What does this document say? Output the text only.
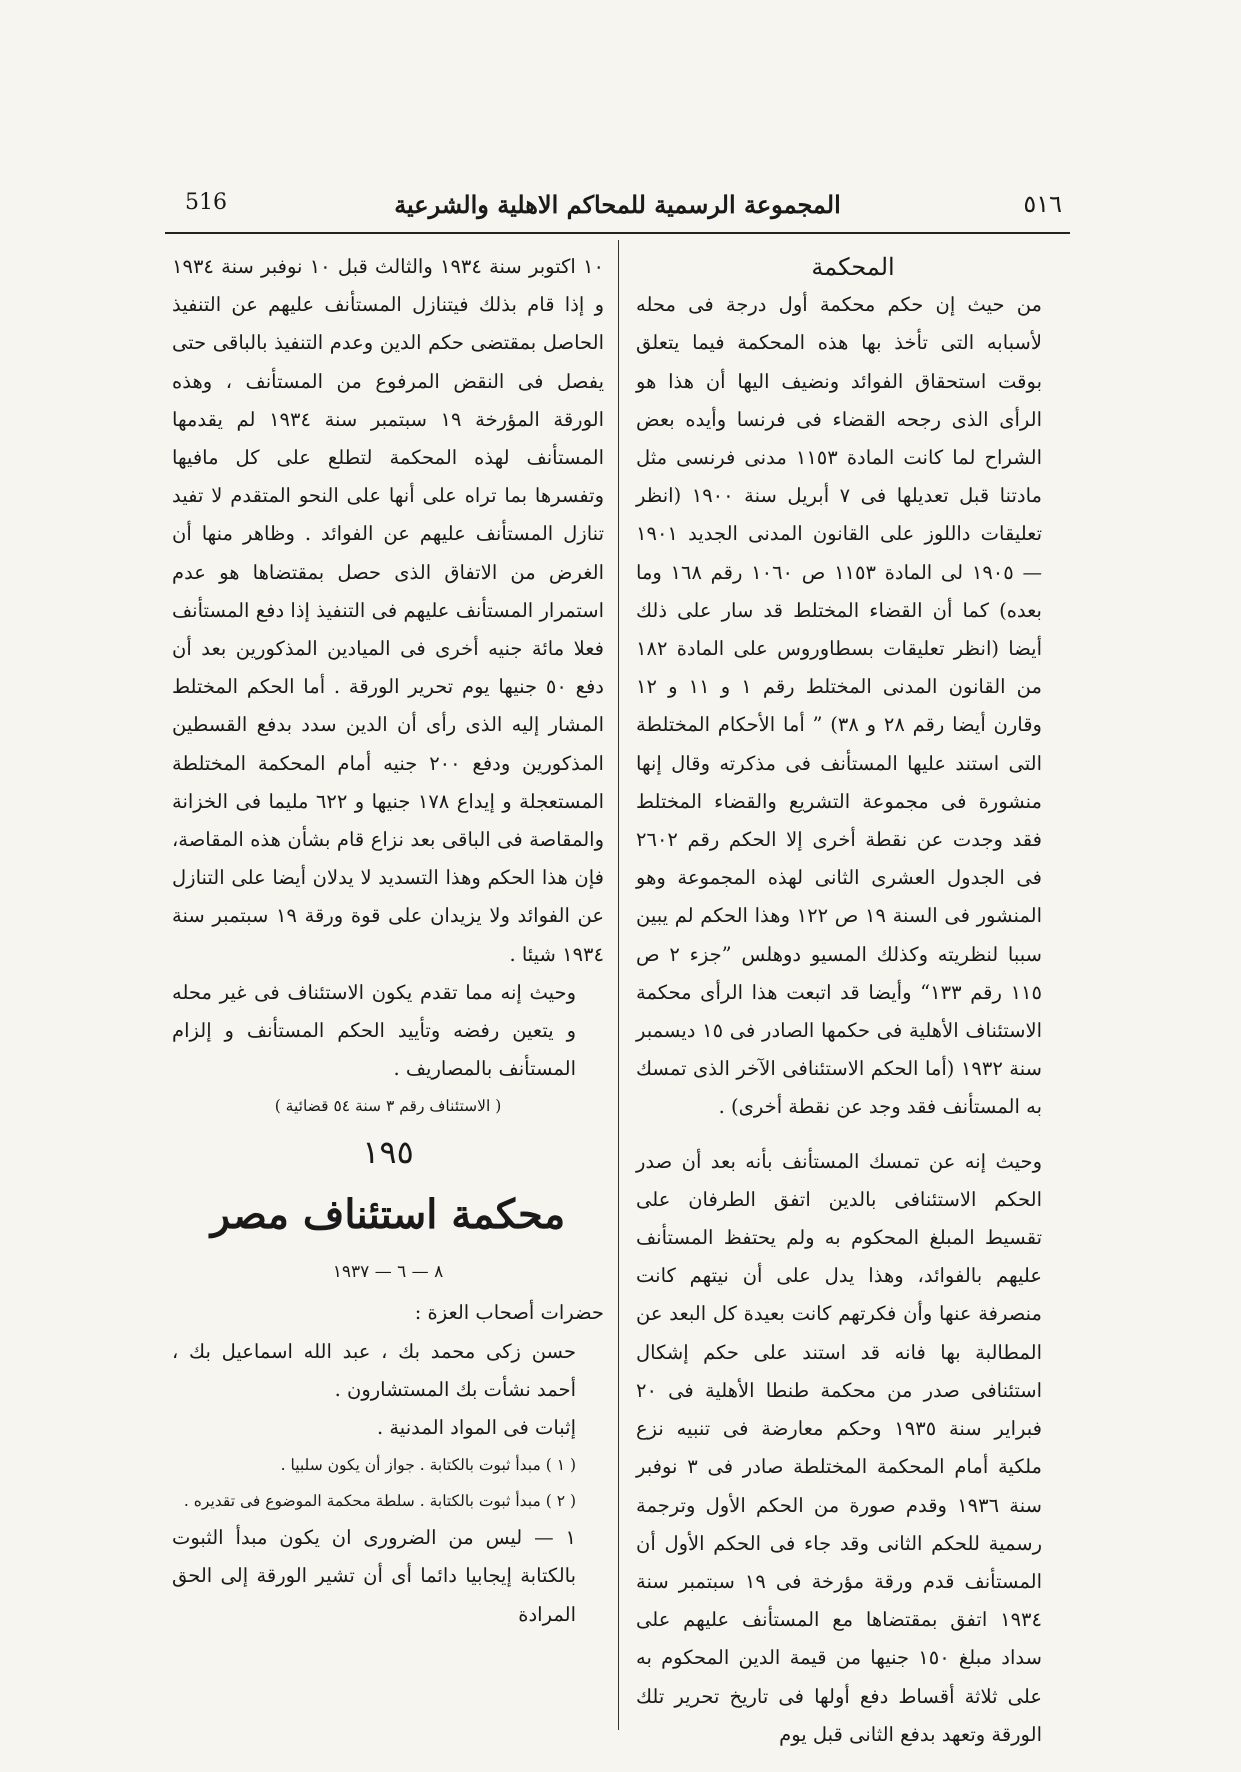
516	المجموعة الرسمية للمحاكم الاهلية والشرعية	٥١٦

المحكمة

من حيث إن حكم محكمة أول درجة فى محله لأسبابه التى تأخذ بها هذه المحكمة فيما يتعلق بوقت استحقاق الفوائد ونضيف اليها أن هذا هو الرأى الذى رجحه القضاء فى فرنسا وأيده بعض الشراح لما كانت المادة ١١٥٣ مدنى فرنسى مثل مادتنا قبل تعديلها فى ٧ أبريل سنة ١٩٠٠ (انظر تعليقات داللوز على القانون المدنى الجديد ١٩٠١ — ١٩٠٥ لى المادة ١١٥٣ ص ١٠٦٠ رقم ١٦٨ وما بعده) كما أن القضاء المختلط قد سار على ذلك أيضا (انظر تعليقات بسطاوروس على المادة ١٨٢ من القانون المدنى المختلط رقم ١ و ١١ و ١٢ وقارن أيضا رقم ٢٨ و ٣٨) ” أما الأحكام المختلطة التى استند عليها المستأنف فى مذكرته وقال إنها منشورة فى مجموعة التشريع والقضاء المختلط فقد وجدت عن نقطة أخرى إلا الحكم رقم ٢٦٠٢ فى الجدول العشرى الثانى لهذه المجموعة وهو المنشور فى السنة ١٩ ص ١٢٢ وهذا الحكم لم يبين سببا لنظريته وكذلك المسيو دوهلس ”جزء ٢ ص ١١٥ رقم ١٣٣“ وأيضا قد اتبعت هذا الرأى محكمة الاستئناف الأهلية فى حكمها الصادر فى ١٥ ديسمبر سنة ١٩٣٢ (أما الحكم الاستئنافى الآخر الذى تمسك به المستأنف فقد وجد عن نقطة أخرى) .

وحيث إنه عن تمسك المستأنف بأنه بعد أن صدر الحكم الاستئنافى بالدين اتفق الطرفان على تقسيط المبلغ المحكوم به ولم يحتفظ المستأنف عليهم بالفوائد، وهذا يدل على أن نيتهم كانت منصرفة عنها وأن فكرتهم كانت بعيدة كل البعد عن المطالبة بها فانه قد استند على حكم إشكال استئنافى صدر من محكمة طنطا الأهلية فى ٢٠ فبراير سنة ١٩٣٥ وحكم معارضة فى تنبيه نزع ملكية أمام المحكمة المختلطة صادر فى ٣ نوفبر سنة ١٩٣٦ وقدم صورة من الحكم الأول وترجمة رسمية للحكم الثانى وقد جاء فى الحكم الأول أن المستأنف قدم ورقة مؤرخة فى ١٩ سبتمبر سنة ١٩٣٤ اتفق بمقتضاها مع المستأنف عليهم على سداد مبلغ ١٥٠ جنيها من قيمة الدين المحكوم به على ثلاثة أقساط دفع أولها فى تاريخ تحرير تلك الورقة وتعهد بدفع الثانى قبل يوم

١٠ اكتوبر سنة ١٩٣٤ والثالث قبل ١٠ نوفبر سنة ١٩٣٤ و إذا قام بذلك فيتنازل المستأنف عليهم عن التنفيذ الحاصل بمقتضى حكم الدين وعدم التنفيذ بالباقى حتى يفصل فى النقض المرفوع من المستأنف ، وهذه الورقة المؤرخة ١٩ سبتمبر سنة ١٩٣٤ لم يقدمها المستأنف لهذه المحكمة لتطلع على كل مافيها وتفسرها بما تراه على أنها على النحو المتقدم لا تفيد تنازل المستأنف عليهم عن الفوائد . وظاهر منها أن الغرض من الاتفاق الذى حصل بمقتضاها هو عدم استمرار المستأنف عليهم فى التنفيذ إذا دفع المستأنف فعلا مائة جنيه أخرى فى الميادين المذكورين بعد أن دفع ٥٠ جنيها يوم تحرير الورقة . أما الحكم المختلط المشار إليه الذى رأى أن الدين سدد بدفع القسطين المذكورين ودفع ٢٠٠ جنيه أمام المحكمة المختلطة المستعجلة و إيداع ١٧٨ جنيها و ٦٢٢ مليما فى الخزانة والمقاصة فى الباقى بعد نزاع قام بشأن هذه المقاصة، فإن هذا الحكم وهذا التسديد لا يدلان أيضا على التنازل عن الفوائد ولا يزيدان على قوة ورقة ١٩ سبتمبر سنة ١٩٣٤ شيئا .

وحيث إنه مما تقدم يكون الاستئناف فى غير محله و يتعين رفضه وتأييد الحكم المستأنف و إلزام المستأنف بالمصاريف .

( الاستئناف رقم ٣ سنة ٥٤ قضائية )

١٩٥

محكمة استئناف مصر

٨ — ٦ — ١٩٣٧

حضرات أصحاب العزة :

حسن زكى محمد بك ، عبد الله اسماعيل بك ، أحمد نشأت بك المستشارون .

إثبات فى المواد المدنية .

( ١ ) مبدأ ثبوت بالكتابة . جواز أن يكون سلبيا .

( ٢ ) مبدأ ثبوت بالكتابة . سلطة محكمة الموضوع فى تقديره .

١ — ليس من الضرورى ان يكون مبدأ الثبوت بالكتابة إيجابيا دائما أى أن تشير الورقة إلى الحق المرادة
